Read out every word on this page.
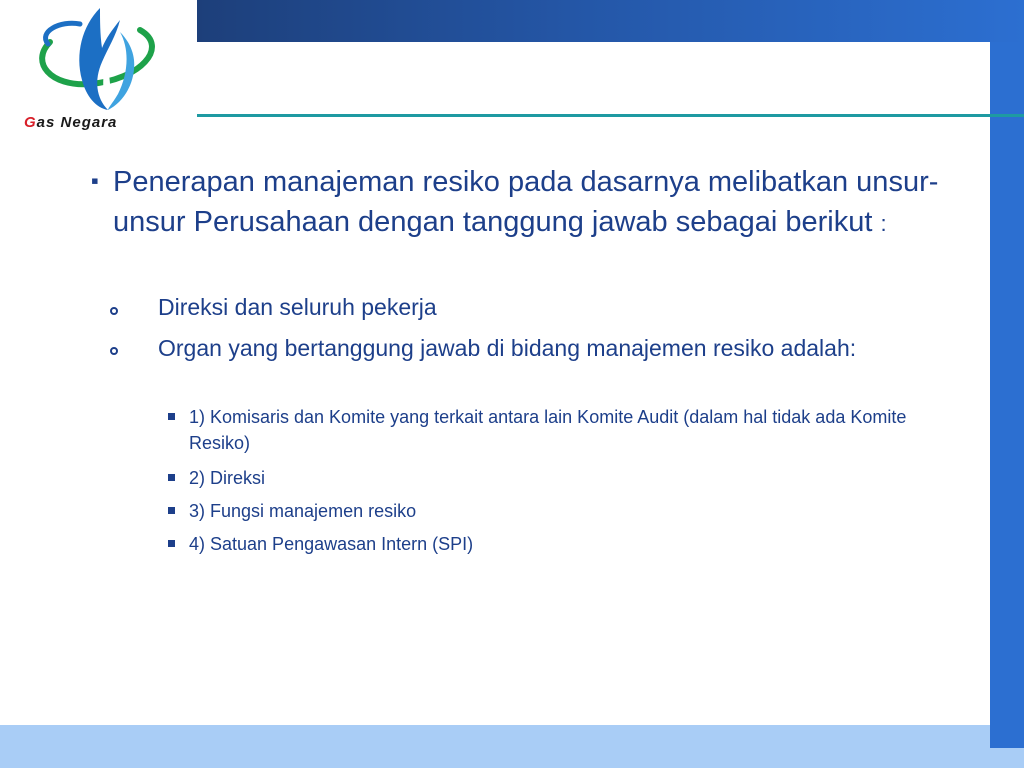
Gas Negara
▪ Penerapan manajeman resiko pada dasarnya melibatkan unsur-unsur Perusahaan dengan tanggung jawab sebagai berikut :
Direksi dan seluruh pekerja
Organ yang bertanggung jawab di bidang manajemen resiko adalah:
1) Komisaris dan Komite yang terkait antara lain Komite Audit (dalam hal tidak ada Komite Resiko)
2) Direksi
3) Fungsi manajemen resiko
4) Satuan Pengawasan Intern (SPI)
